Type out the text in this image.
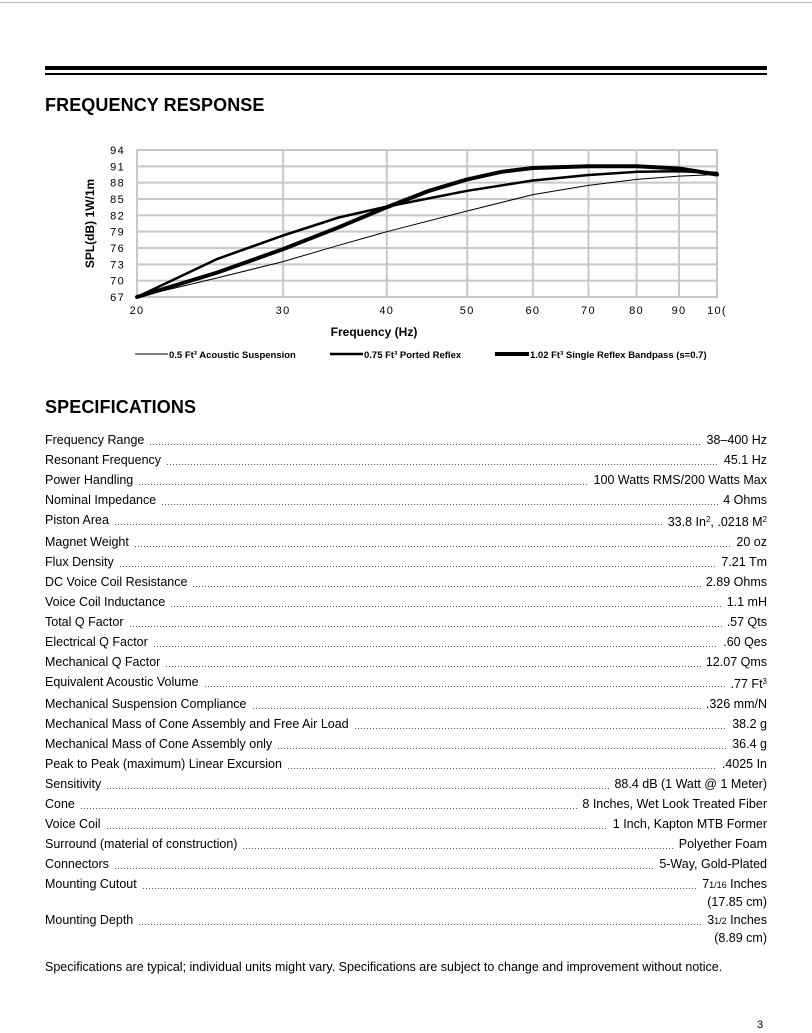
FREQUENCY RESPONSE
67
70
73
76
79
82
85
88
91
94
20	30	40	50	60	70	80	90 10(
Frequency (Hz)
SPL(dB) 1W/1m
0.5 Ft³ Acoustic Suspension	0.75 Ft³ Ported Reflex	1.02 Ft³ Single Reflex Bandpass (s=0.7)
SPECIFICATIONS
Frequency Range	38–400 Hz
Resonant Frequency	45.1 Hz
Power Handling	100 Watts RMS/200 Watts Max
Nominal Impedance	4 Ohms
Piston Area	33.8 In$^2$, .0218 $M^2$
Magnet Weight	20 oz
Flux Density	7.21 Tm
DC Voice Coil Resistance	2.89 Ohms
Voice Coil Inductance	1.1 mH
Total Q Factor	.57 Qts
Electrical Q Factor	.60 Qes
Mechanical Q Factor	12.07 Qms
Equivalent Acoustic Volume	.77 Ft$^3$
Mechanical Suspension Compliance	.326 mm/N
Mechanical Mass of Cone Assembly and Free Air Load	38.2 g
Mechanical Mass of Cone Assembly only	36.4 g
Peak to Peak (maximum) Linear Excursion	.4025 In
Sensitivity	88.4 dB (1 Watt @ 1 Meter)
Cone	8 Inches, Wet Look Treated Fiber
Voice Coil	1 Inch, Kapton MTB Former
Surround (material of construction)	Polyether Foam
Connectors	5-Way, Gold-Plated
Mounting Cutout	71/16 Inches
(17.85 cm)
Mounting Depth	31/2 Inches
(8.89 cm)
Specifications are typical; individual units might vary. Specifications are subject to change and improvement without notice.
3
